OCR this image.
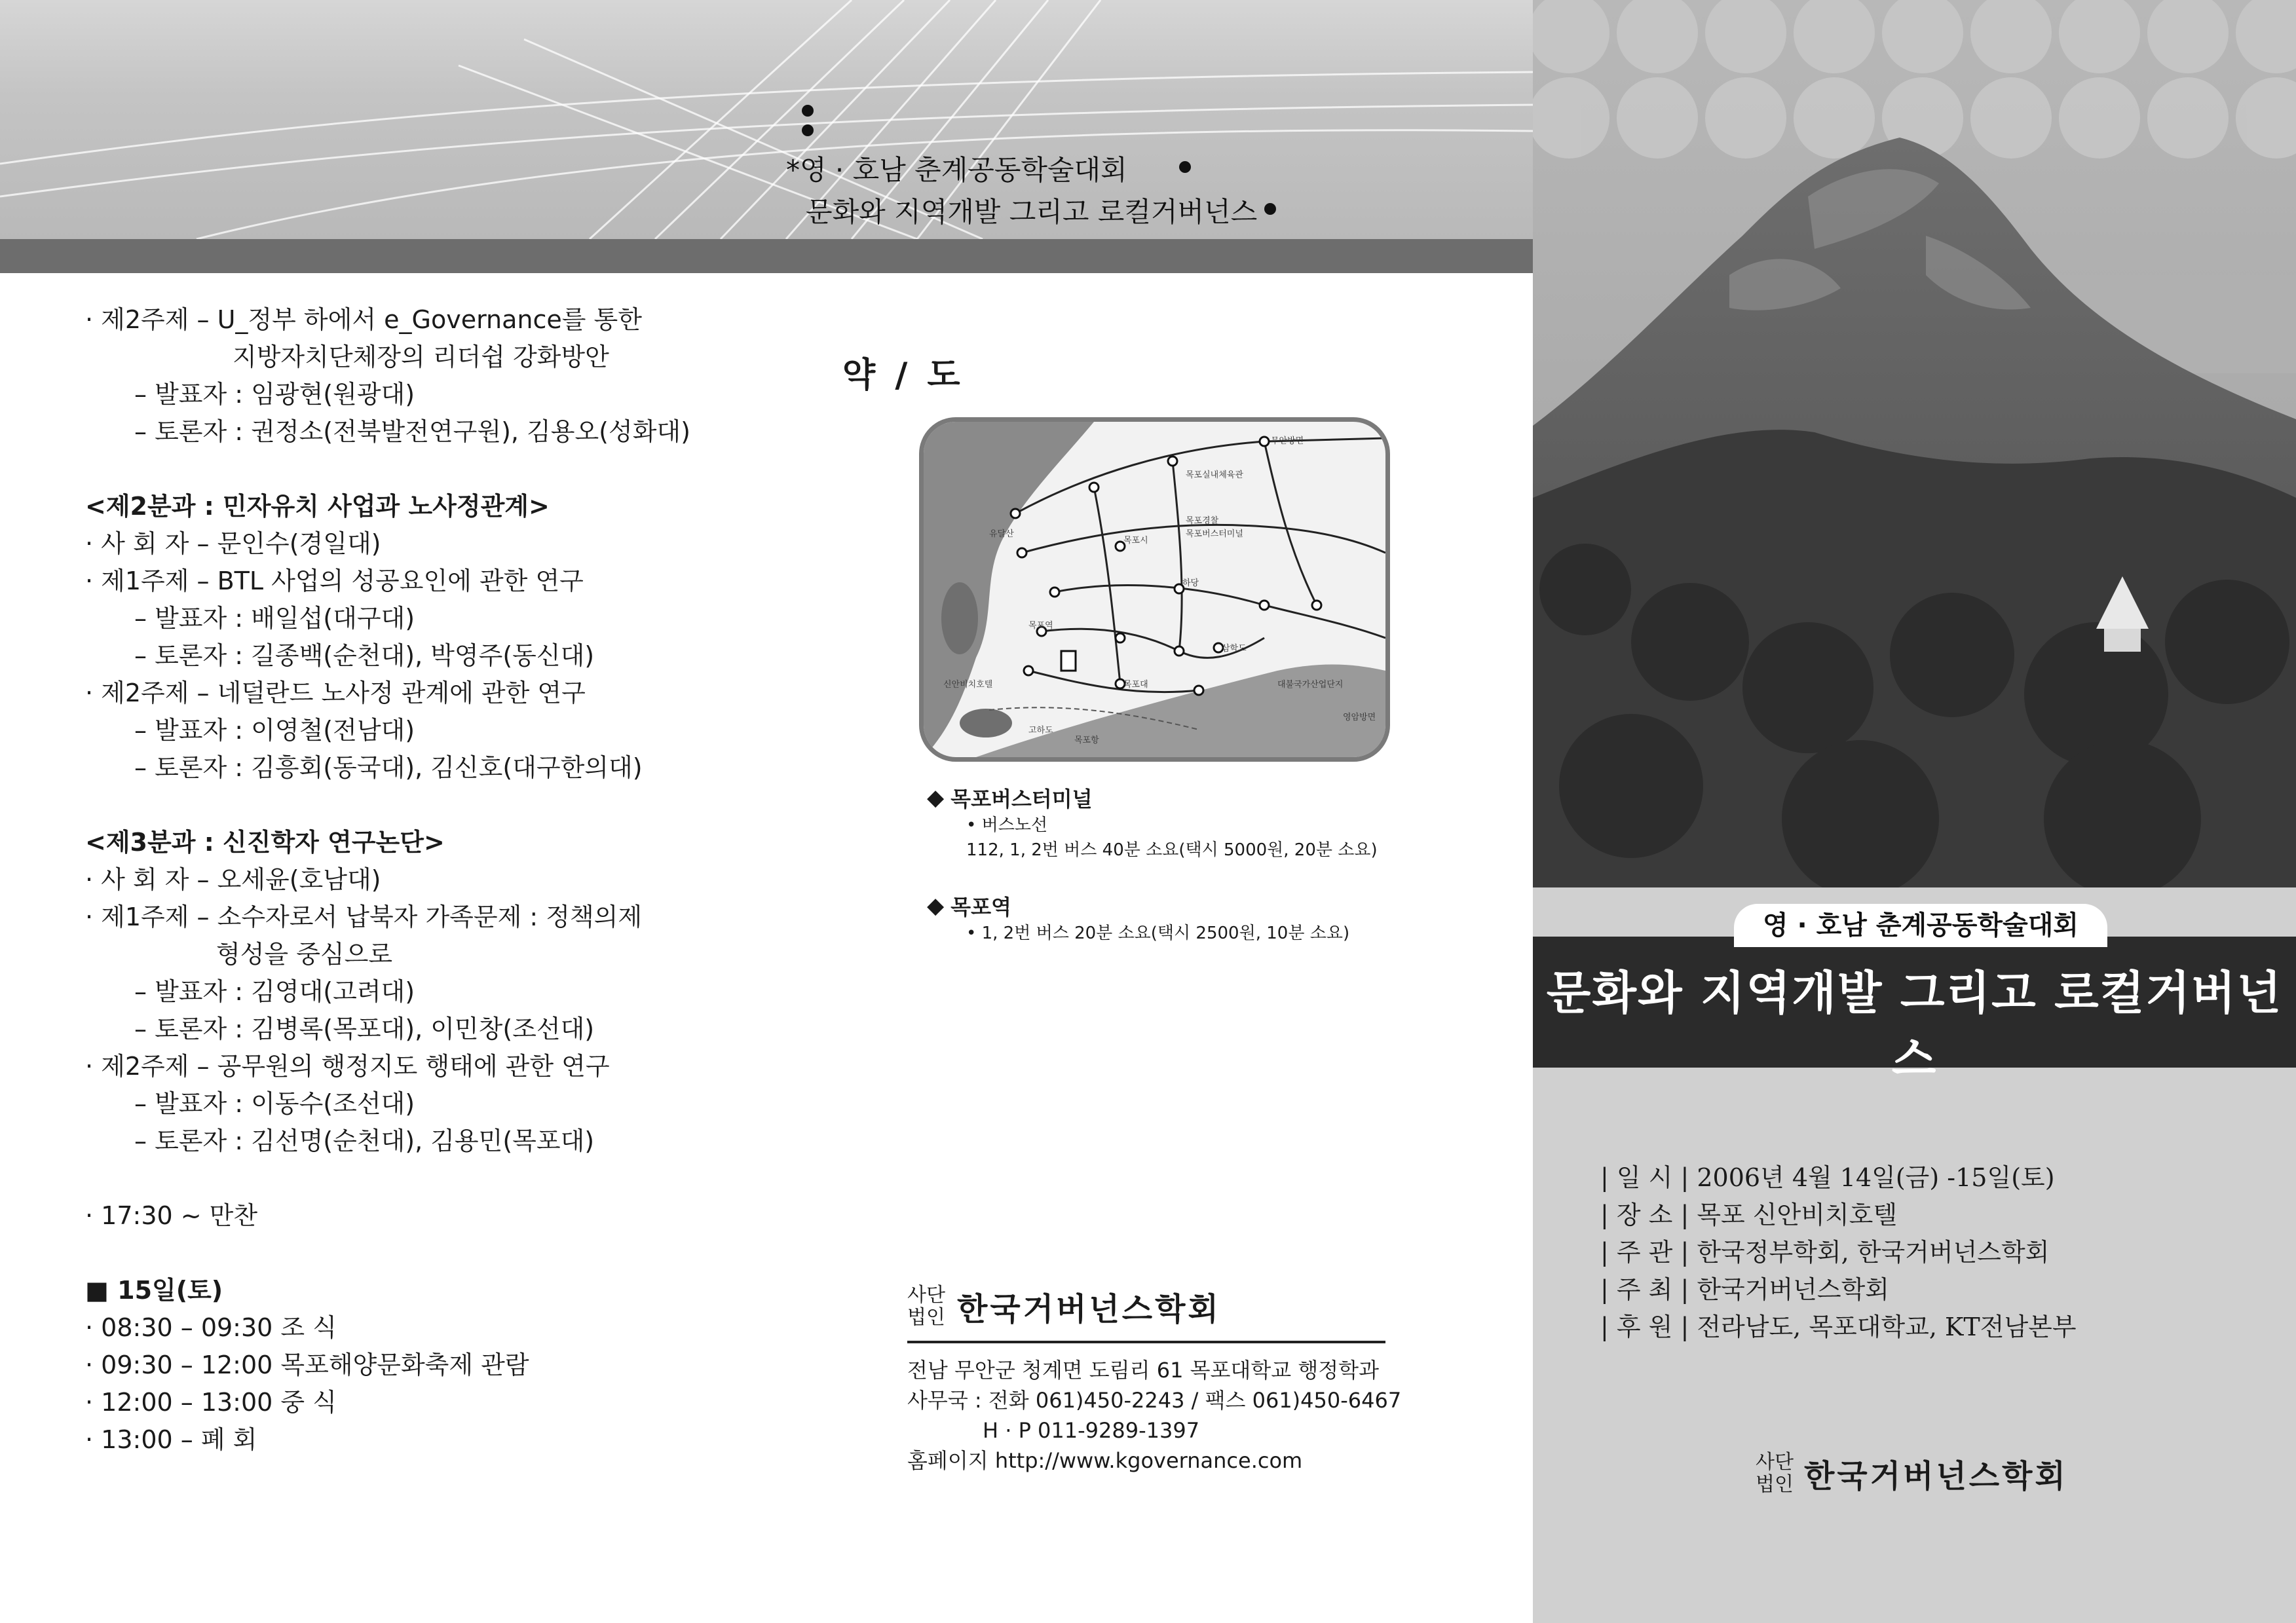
*영 · 호남 춘계공동학술대회
문화와 지역개발 그리고 로컬거버넌스
· 제2주제 – U_정부 하에서 e_Governance를 통한
지방자치단체장의 리더쉽 강화방안
– 발표자 : 임광현(원광대)
– 토론자 : 권정소(전북발전연구원), 김용오(성화대)
<제2분과 : 민자유치 사업과 노사정관계>
· 사 회 자 – 문인수(경일대)
· 제1주제 – BTL 사업의 성공요인에 관한 연구
– 발표자 : 배일섭(대구대)
– 토론자 : 길종백(순천대), 박영주(동신대)
· 제2주제 – 네덜란드 노사정 관계에 관한 연구
– 발표자 : 이영철(전남대)
– 토론자 : 김흥회(동국대), 김신호(대구한의대)
<제3분과 : 신진학자 연구논단>
· 사 회 자 – 오세윤(호남대)
· 제1주제 – 소수자로서 납북자 가족문제 : 정책의제
형성을 중심으로
– 발표자 : 김영대(고려대)
– 토론자 : 김병록(목포대), 이민창(조선대)
· 제2주제 – 공무원의 행정지도 행태에 관한 연구
– 발표자 : 이동수(조선대)
– 토론자 : 김선명(순천대), 김용민(목포대)
· 17:30 ~ 만찬
■ 15일(토)
· 08:30 – 09:30 조 식
· 09:30 – 12:00 목포해양문화축제 관람
· 12:00 – 13:00 중 식
· 13:00 – 폐 회
약 / 도
목포역
목포실내체육관
목포시
목포경찰
목포버스터미널
하당
신안비치호텔
유달산
목포대
삼학도
무안방면
영암방면
대불국가산업단지
목포항
고하도
◆ 목포버스터미널
• 버스노선
112, 1, 2번 버스 40분 소요(택시 5000원, 20분 소요)
◆ 목포역
• 1, 2번 버스 20분 소요(택시 2500원, 10분 소요)
사단
법인 한국거버넌스학회
전남 무안군 청계면 도림리 61 목포대학교 행정학과
사무국 : 전화 061)450-2243 / 팩스 061)450-6467
H · P 011-9289-1397
홈페이지 http://www.kgovernance.com
영 · 호남 춘계공동학술대회
문화와 지역개발 그리고 로컬거버넌스
| 일 시 | 2006년 4월 14일(금) -15일(토)
| 장 소 | 목포 신안비치호텔
| 주 관 | 한국정부학회, 한국거버넌스학회
| 주 최 | 한국거버넌스학회
| 후 원 | 전라남도, 목포대학교, KT전남본부
사단
법인 한국거버넌스학회
